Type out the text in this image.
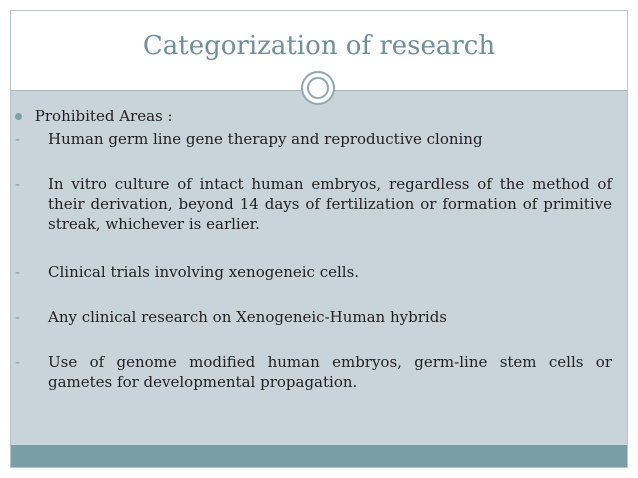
Categorization of research
Prohibited Areas :
- Human germ line gene therapy and reproductive cloning
- In vitro culture of intact human embryos, regardless of the method of their derivation, beyond 14 days of fertilization or formation of primitive streak, whichever is earlier.
- Clinical trials involving xenogeneic cells.
- Any clinical research on Xenogeneic-Human hybrids
- Use of genome modified human embryos, germ-line stem cells or gametes for developmental propagation.
